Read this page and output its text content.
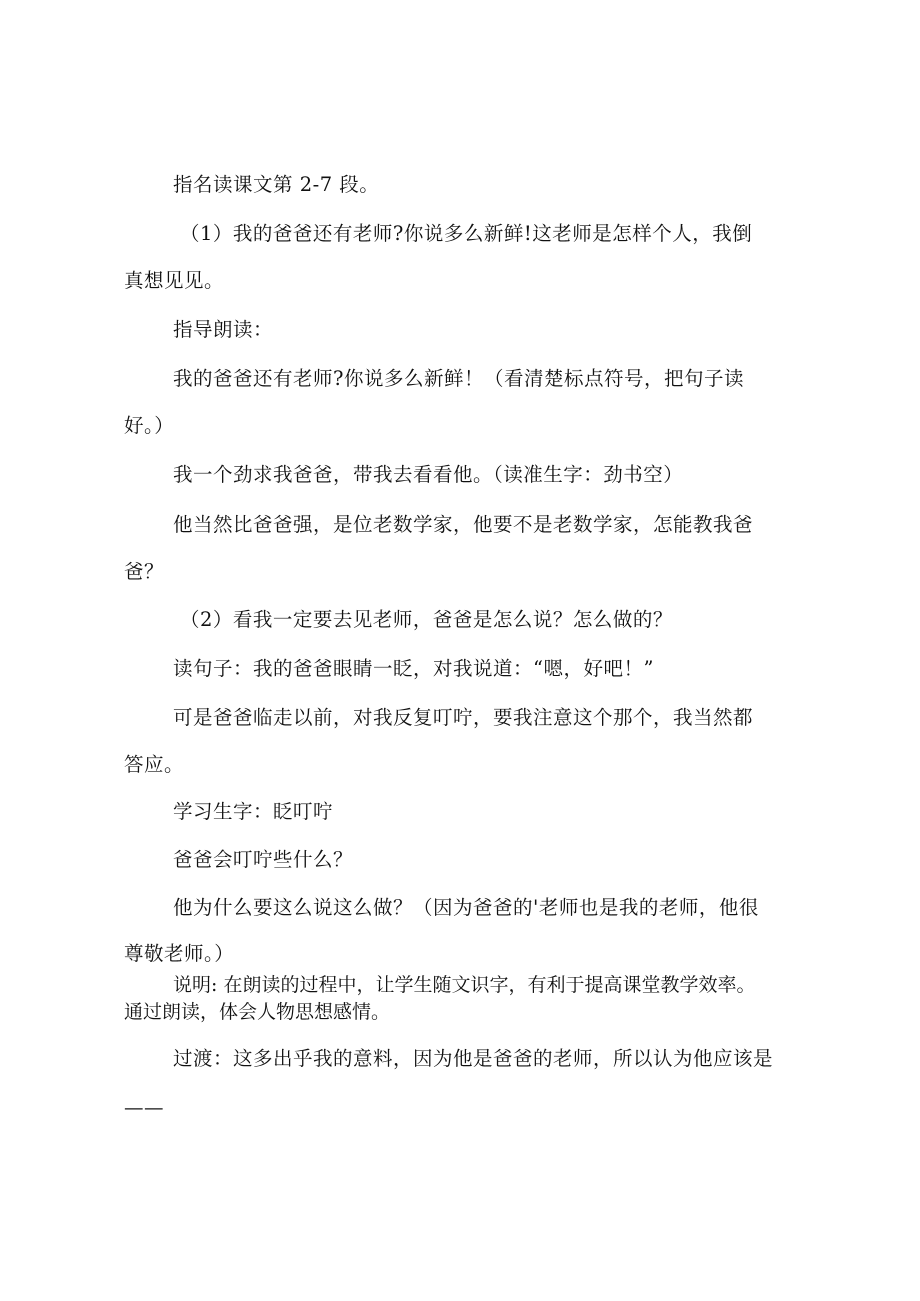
指名读课文第 2-7 段。
（1）我的爸爸还有老师?你说多么新鲜!这老师是怎样个人，我倒
真想见见。
指导朗读：
我的爸爸还有老师?你说多么新鲜！（看清楚标点符号，把句子读
好。）
我一个劲求我爸爸，带我去看看他。（读准生字：劲书空）
他当然比爸爸强，是位老数学家，他要不是老数学家，怎能教我爸
爸？
（2）看我一定要去见老师，爸爸是怎么说？怎么做的？
读句子：我的爸爸眼睛一眨，对我说道：“嗯，好吧！”
可是爸爸临走以前，对我反复叮咛，要我注意这个那个，我当然都
答应。
学习生字：眨叮咛
爸爸会叮咛些什么？
他为什么要这么说这么做？（因为爸爸的'老师也是我的老师，他很
尊敬老师。）
说明: 在朗读的过程中，让学生随文识字，有利于提高课堂教学效率。
通过朗读，体会人物思想感情。
过渡：这多出乎我的意料，因为他是爸爸的老师，所以认为他应该是
——
